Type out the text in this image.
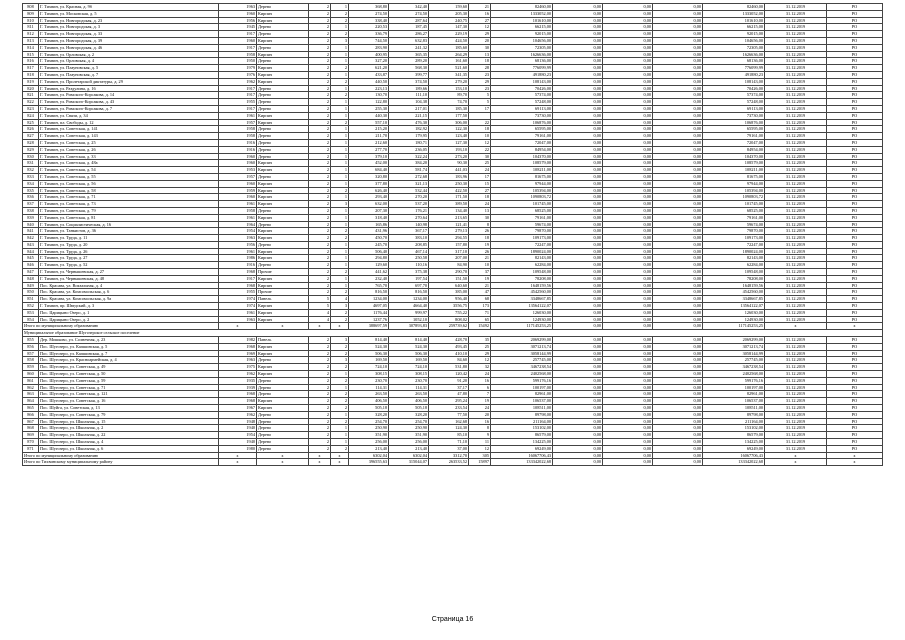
808	Г. Тихвин, ул. Красная, д. 9б	1963	Дерево	2	1	368,80	342,40	159,60	21	82460,00	0,00	0,00	0,00	82460,00	31.12.2019	РО
809	Г. Тихвин, ул. Московская, д. 5	1960	Кирпич	2	2	274,50	274,50	205,30	16	1333052,00	0,00	0,00	0,00	1333052,00	31.12.2019	РО
810	Г. Тихвин, ул. Новгородская, д. 23	1956	Кирпич	2	2	338,40	287,64	240,75	27	101610,00	0,00	0,00	0,00	101610,00	31.12.2019	РО
811	Г. Тихвин, ул. Новгородская, д. 3	1945	Дерево	2	1	220,53	187,45	147,30	12	66215,00	0,00	0,00	0,00	66215,00	31.12.2019	РО
812	Г. Тихвин, ул. Новгородская, д. 33	1917	Дерево	2	2	336,79	286,27	229,19	29	92015,00	0,00	0,00	0,00	92015,00	31.12.2019	РО
813	Г. Тихвин, ул. Новгородская, д. 39	1960	Кирпич	2	3	744,50	632,83	424,50	20	104656,00	0,00	0,00	0,00	104656,00	31.12.2019	РО
814	Г. Тихвин, ул. Новгородская, д. 46	1917	Дерево	2	1	283,90	241,32	185,60	30	72305,00	0,00	0,00	0,00	72305,00	31.12.2019	РО
815	Г. Тихвин, ул. Орловская, д. 2	1958	Кирпич	2	1	400,95	365,35	264,29	13	1626636,00	0,00	0,00	0,00	1626636,00	31.12.2019	РО
816	Г. Тихвин, ул. Орловская, д. 4	1950	Дерево	2	1	327,20	289,20	161,60	18	68136,00	0,00	0,00	0,00	68136,00	31.12.2019	РО
817	Г. Тихвин, ул. Плауновская, д. 5	1979	Кирпич	2	2	621,20	568,30	521,60	28	776099,99	0,00	0,00	0,00	776099,99	31.12.2019	РО
818	Г. Тихвин, ул. Плауновская, д. 7	1976	Кирпич	2	1	433,87	399,77	341,35	23	491880,23	0,00	0,00	0,00	491880,23	31.12.2019	РО
819	Г. Тихвин, ул. Пролетарской диктатуры, д. 29	1962	Кирпич	2	2	440,50	374,50	279,20	29	108143,00	0,00	0,00	0,00	108143,00	31.12.2019	РО
820	Г. Тихвин, ул. Раздулина, д. 16	1917	Дерево	2	1	223,13	189,66	153,10	23	70426,00	0,00	0,00	0,00	70426,00	31.12.2019	РО
821	Г. Тихвин, ул. Римского-Корсакова, д. 14	1917	Дерево	2	2	130,70	111,10	89,70	5	57374,00	0,00	0,00	0,00	57374,00	31.12.2019	РО
822	Г. Тихвин, ул. Римского-Корсакова, д. 43	1955	Дерево	2	1	122,80	104,38	74,70	5	57248,00	0,00	0,00	0,00	57248,00	31.12.2019	РО
823	Г. Тихвин, ул. Римского-Корсакова, д. 7	1917	Дерево	2	1	255,30	217,01	185,30	17	69113,00	0,00	0,00	0,00	69113,00	31.12.2019	РО
824	Г. Тихвин, ул. Связи, д. 34	1961	Кирпич	2	1	440,30	221,15	177,50		73730,00	0,00	0,00	0,00	73730,00	31.12.2019	РО
825	Г. Тихвин, пл. Свободы, д. 12	1957	Кирпич	2	2	557,10	476,30	306,00	22	106876,00	0,00	0,00	0,00	106876,00	31.12.2019	РО
826	Г. Тихвин, ул. Советская, д. 141	1958	Дерево	2	1	215,20	182,92	122,30	18	65595,00	0,00	0,00	0,00	65595,00	31.12.2019	РО
827	Г. Тихвин, ул. Советская, д. 143	1958	Дерево	2	1	211,70	179,95	123,40	10	79161,00	0,00	0,00	0,00	79161,00	31.12.2019	РО
828	Г. Тихвин, ул. Советская, д. 25	1916	Дерево	2	1	212,60	180,71	127,30	12	72047,00	0,00	0,00	0,00	72047,00	31.12.2019	РО
829	Г. Тихвин, ул. Советская, д. 26	1916	Дерево	2	1	277,70	236,05	193,10	22	84954,00	0,00	0,00	0,00	84954,00	31.12.2019	РО
830	Г. Тихвин, ул. Советская, д. 33	1960	Дерево	2	1	379,10	322,24	273,20	30	104370,00	0,00	0,00	0,00	104370,00	31.12.2019	РО
831	Г. Тихвин, ул. Советская, д. 48а	1960	Кирпич	2	1	452,00	384,20	90,30	25	108579,00	0,00	0,00	0,00	108579,00	31.12.2019	РО
832	Г. Тихвин, ул. Советская, д. 54	1953	Кирпич	2	1	684,40	581,74	441,03	24	108211,00	0,00	0,00	0,00	108211,00	31.12.2019	РО
833	Г. Тихвин, ул. Советская, д. 55	1957	Дерево	2	1	320,80	272,68	183,96	17	81675,00	0,00	0,00	0,00	81675,00	31.12.2019	РО
834	Г. Тихвин, ул. Советская, д. 56	1960	Кирпич	2	1	377,80	321,13	250,30	15	97944,00	0,00	0,00	0,00	97944,00	31.12.2019	РО
835	Г. Тихвин, ул. Советская, д. 58	1959	Кирпич	2	2	626,40	532,44	422,50	27	105394,00	0,00	0,00	0,00	105394,00	31.12.2019	РО
836	Г. Тихвин, ул. Советская, д. 71	1960	Кирпич	2	1	293,40	270,20	171,50	18	1090803,72	0,00	0,00	0,00	1090803,72	31.12.2019	РО
837	Г. Тихвин, ул. Советская, д. 73	1961	Кирпич	2	3	632,00	537,20	389,50	24	101745,00	0,00	0,00	0,00	101745,00	31.12.2019	РО
838	Г. Тихвин, ул. Советская, д. 79	1958	Дерево	2	1	207,30	176,21	134,40	13	68525,00	0,00	0,00	0,00	68525,00	31.12.2019	РО
839	Г. Тихвин, ул. Советская, д. 81	1961	Кирпич	2	1	318,40	270,64	213,65	30	79161,00	0,00	0,00	0,00	79161,00	31.12.2019	РО
840	Г. Тихвин, ул. Социалистическая, д. 16	1964	Дерево	2	1	165,86	140,98	121,41	8	59674,00	0,00	0,00	0,00	59674,00	31.12.2019	РО
841	Г. Тихвин, ул. Танкистов, д. 36	1954	Кирпич	2	2	431,96	367,17	279,13	26	79870,00	0,00	0,00	0,00	79870,00	31.12.2019	РО
842	Г. Тихвин, ул. Труда, д. 11	1963	Кирпич	2	2	450,70	383,10	294,55	18	109173,00	0,00	0,00	0,00	109173,00	31.12.2019	РО
843	Г. Тихвин, ул. Труда, д. 20	1956	Дерево	2	1	245,70	208,85	157,80	19	72247,00	0,00	0,00	0,00	72247,00	31.12.2019	РО
844	Г. Тихвин, ул. Труда, д. 26	1961	Кирпич	2	1	506,40	467,14	317,10	26	1890024,00	0,00	0,00	0,00	1890024,00	31.12.2019	РО
845	Г. Тихвин, ул. Труда, д. 27	1986	Кирпич	2	1	294,80	250,58	207,00	21	82143,00	0,00	0,00	0,00	82143,00	31.12.2019	РО
846	Г. Тихвин, ул. Труда, д. 52	1916	Дерево	2	1	129,60	110,16	84,90	10	62284,00	0,00	0,00	0,00	62284,00	31.12.2019	РО
847	Г. Тихвин, ул. Чернышевская, д. 27	1968	Прочие	2	2	441,62	375,38	290,70	37	109548,00	0,00	0,00	0,00	109548,00	31.12.2019	РО
848	Г. Тихвин, ул. Чернышевская, д. 48	1917	Кирпич	2	1	232,40	197,54	151,50	19	78208,00	0,00	0,00	0,00	78208,00	31.12.2019	РО
849	Пос. Красава, ул. Вокзальная, д. 4	1968	Кирпич	2	1	765,70	697,70	640,60	21	1648159,56	0,00	0,00	0,00	1648159,56	31.12.2019	РО
850	Пос. Красава, ул. Комсомольская, д. 6	1955	Прочие	2	2	816,50	816,50	385,00	47	4542560,00	0,00	0,00	0,00	4542560,00	31.12.2019	РО
851	Пос. Красава, ул. Комсомольская, д. 9а	1974	Панель	5	4	1234,00	1234,00	956,40	68	3348667,85	0,00	0,00	0,00	3348667,85	31.12.2019	РО
852	Г. Тихвин, пр. Шведский, д. 3	1974	Кирпич	5	3	4697,05	4664,40	3556,75	173	13564122,07	0,00	0,00	0,00	13564122,07	31.12.2019	РО
853	Пос. Царицыно Озеро, д. 1	1961	Кирпич	4	2	1176,44	999,97	755,22	71	126030,00	0,00	0,00	0,00	126030,00	31.12.2019	РО
854	Пос. Царицыно Озеро, д. 2	1963	Кирпич	4	2	1237,76	1052,10	808,02	65	124930,00	0,00	0,00	0,00	124930,00	31.12.2019	РО
Итого по муниципальному образованию		x	x	x	x	388697,59	307893,83	259739,62	15492	117145253,25	0,00	0,00	0,00	117145253,25	x	x
Муниципальное образование Шугозерское сельское поселение																
855	Дер. Мошково, ул. Солнечная, д. 23	1982	Панель	2	3	814,40	814,40	428,70	35	2069299,00	0,00	0,00	0,00	2069299,00	31.12.2019	РО
856	Пос. Шугозеро, ул. Капшинская, д. 5	1968	Кирпич	2	2	524,30	524,30	493,45	25	3071213,74	0,00	0,00	0,00	3071213,74	31.12.2019	РО
857	Пос. Шугозеро, ул. Капшинская, д. 7	1969	Кирпич	2	2	506,30	506,30	410,10	29	3058144,99	0,00	0,00	0,00	3058144,99	31.12.2019	РО
858	Пос. Шугозеро, ул. Красноармейская, д. 4	1963	Дерево	2	3	169,50	169,50	84,60	12	257745,00	0,00	0,00	0,00	257745,00	31.12.2019	РО
859	Пос. Шугозеро, ул. Советская, д. 49	1975	Кирпич	2	2	724,10	724,10	531,80	32	3467238,54	0,00	0,00	0,00	3467238,54	31.12.2019	РО
860	Пос. Шугозеро, ул. Советская, д. 50	1962	Кирпич	2	1	308,15	308,15	120,42	24	2402568,00	0,00	0,00	0,00	2402568,00	31.12.2019	РО
861	Пос. Шугозеро, ул. Советская, д. 59	1935	Дерево	2	2	230,70	230,70	91,20	16	599176,16	0,00	0,00	0,00	599176,16	31.12.2019	РО
862	Пос. Шугозеро, ул. Советская, д. 71	1939	Дерево	2	1	114,31	114,31	37,17	6	100197,00	0,00	0,00	0,00	100197,00	31.12.2019	РО
863	Пос. Шугозеро, ул. Советская, д. 121	1968	Дерево	2	2	263,50	263,50	47,80	7	82961,00	0,00	0,00	0,00	82961,00	31.12.2019	РО
864	Пос. Шугозеро, ул. Советская, д. 16	1968	Кирпич	2	2	406,50	406,50	295,24	19	106537,00	0,00	0,00	0,00	106537,00	31.12.2019	РО
865	Пос. Шуйга, ул. Советская, д. 13	1967	Кирпич	2	2	505,18	505,18	233,54	24	108511,00	0,00	0,00	0,00	108511,00	31.12.2019	РО
866	Пос. Шугозеро, ул. Советская, д. 79	1962	Дерево	2	1	328,20	328,20	77,50	20	89798,00	0,00	0,00	0,00	89798,00	31.12.2019	РО
867	Пос. Шугозеро, ул. Школьная, д. 15	1948	Дерево	2	2	254,70	254,70	162,68	16	211164,00	0,00	0,00	0,00	211164,00	31.12.2019	РО
868	Пос. Шугозеро, ул. Школьная, д. 2	1940	Дерево	2	1	250,90	250,90	124,30	8	153102,00	0,00	0,00	0,00	153102,00	31.12.2019	РО
869	Пос. Шугозеро, ул. Школьная, д. 22	1954	Дерево	2	1	351,90	351,90	85,10	9	86579,00	0,00	0,00	0,00	86579,00	31.12.2019	РО
870	Пос. Шугозеро, ул. Школьная, д. 4	1940	Дерево	2	1	256,00	256,00	71,10	11	134225,00	0,00	0,00	0,00	134225,00	31.12.2019	РО
871	Пос. Шугозеро, ул. Школьная, д. 6	1980	Дерево	2	2	213,40	213,40	37,00	12	69249,00	0,00	0,00	0,00	69249,00	31.12.2019	РО
Итого по муниципальному образованию		x	x	x	x	6302,04	6302,04	3312,70	305	16067706,43	0,00	0,00	0,00	16067706,43	x	x
Итого по Тихвинскому муниципальному району		x	x	x	x	396555,63	315044,07	263533,52	15897	133342022,68	0,00	0,00	0,00	133342022,68	x	x
Страница 16
